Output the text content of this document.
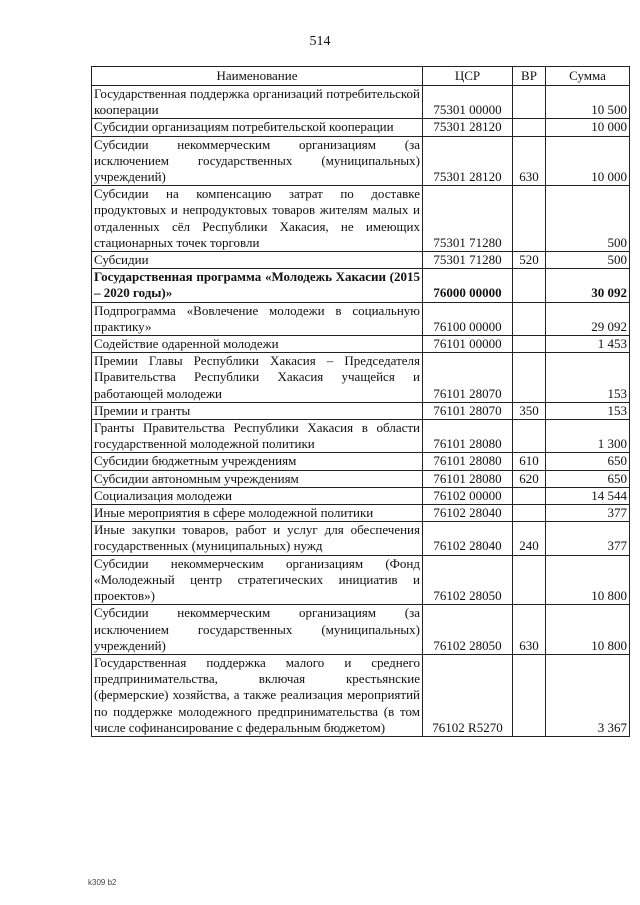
514
Наименование	ЦСР	ВР	Сумма
Государственная поддержка организаций потребительской кооперации	75301 00000		10 500
Субсидии организациям потребительской кооперации	75301 28120		10 000
Субсидии некоммерческим организациям (за исключением государственных (муниципальных) учреждений)	75301 28120	630	10 000
Субсидии на компенсацию затрат по доставке продуктовых и непродуктовых товаров жителям малых и отдаленных сёл Республики Хакасия, не имеющих стационарных точек торговли	75301 71280		500
Субсидии	75301 71280	520	500
Государственная программа «Молодежь Хакасии (2015 – 2020 годы)»	76000 00000		30 092
Подпрограмма «Вовлечение молодежи в социальную практику»	76100 00000		29 092
Содействие одаренной молодежи	76101 00000		1 453
Премии Главы Республики Хакасия – Председателя Правительства Республики Хакасия учащейся и работающей молодежи	76101 28070		153
Премии и гранты	76101 28070	350	153
Гранты Правительства Республики Хакасия в области государственной молодежной политики	76101 28080		1 300
Субсидии бюджетным учреждениям	76101 28080	610	650
Субсидии автономным учреждениям	76101 28080	620	650
Социализация молодежи	76102 00000		14 544
Иные мероприятия в сфере молодежной политики	76102 28040		377
Иные закупки товаров, работ и услуг для обеспечения государственных (муниципальных) нужд	76102 28040	240	377
Субсидии некоммерческим организациям (Фонд «Молодежный центр стратегических инициатив и проектов»)	76102 28050		10 800
Субсидии некоммерческим организациям (за исключением государственных (муниципальных) учреждений)	76102 28050	630	10 800
Государственная поддержка малого и среднего предпринимательства, включая крестьянские (фермерские) хозяйства, а также реализация мероприятий по поддержке молодежного предпринимательства (в том числе софинансирование с федеральным бюджетом)	76102 R5270		3 367
k309 b2
